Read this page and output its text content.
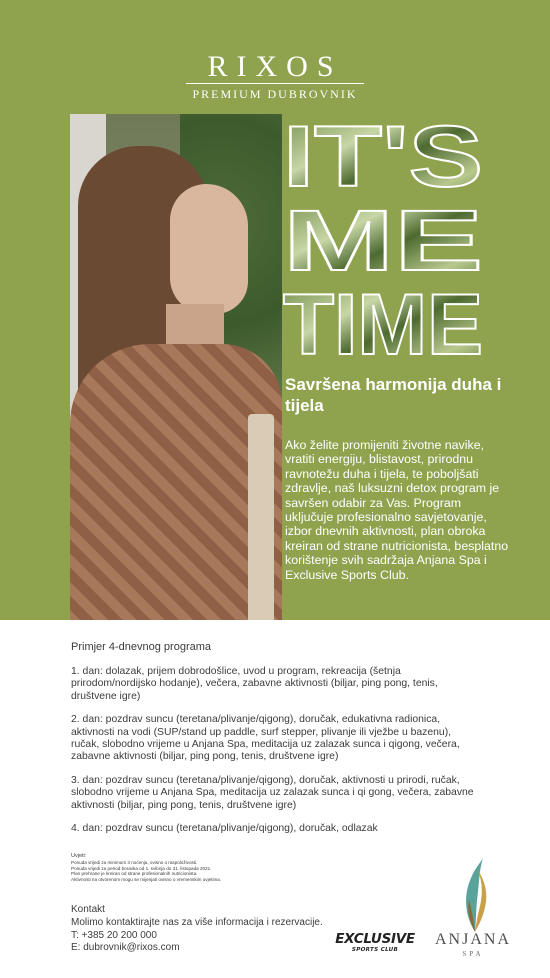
RIXOS
PREMIUM DUBROVNIK
IT'S
ME
TIME
Savršena harmonija duha i tijela

Ako želite promijeniti životne navike, vratiti energiju, blistavost, prirodnu ravnotežu duha i tijela, te poboljšati zdravlje, naš luksuzni detox program je savršen odabir za Vas. Program uključuje profesionalno savjetovanje, izbor dnevnih aktivnosti, plan obroka kreiran od strane nutricionista, besplatno korištenje svih sadržaja Anjana Spa i Exclusive Sports Club.

Primjer 4-dnevnog programa

1. dan: dolazak, prijem dobrodošlice, uvod u program, rekreacija (šetnja prirodom/nordijsko hodanje), večera, zabavne aktivnosti (biljar, ping pong, tenis, društvene igre)

2. dan: pozdrav suncu (teretana/plivanje/qigong), doručak, edukativna radionica, aktivnosti na vodi (SUP/stand up paddle, surf stepper, plivanje ili vježbe u bazenu), ručak, slobodno vrijeme u Anjana Spa, meditacija uz zalazak sunca i qigong, večera, zabavne aktivnosti (biljar, ping pong, tenis, društvene igre)

3. dan: pozdrav suncu (teretana/plivanje/qigong), doručak, aktivnosti u prirodi, ručak, slobodno vrijeme u Anjana Spa, meditacija uz zalazak sunca i qi gong, večera, zabavne aktivnosti (biljar, ping pong, tenis, društvene igre)

4. dan: pozdrav suncu (teretana/plivanje/qigong), doručak, odlazak

Uvjeti:
Ponuda vrijedi za minimum 3 noćenja, ovisno o raspoloživosti.
Ponuda vrijedi za period boravka od 1. svibnja do 31. listopada 2021.
Plan prehrane je kreiran od strane profesionalnih nutricionista.
Aktivnosti na otvorenom mogu se mijenjati ovisno o vremenskim uvjetima.
Kontakt
Molimo kontaktirajte nas za više informacija i rezervacije.
T: +385 20 200 000
E: dubrovnik@rixos.com
EXCLUSIVE
SPORTS CLUB
ANJANA
SPA
